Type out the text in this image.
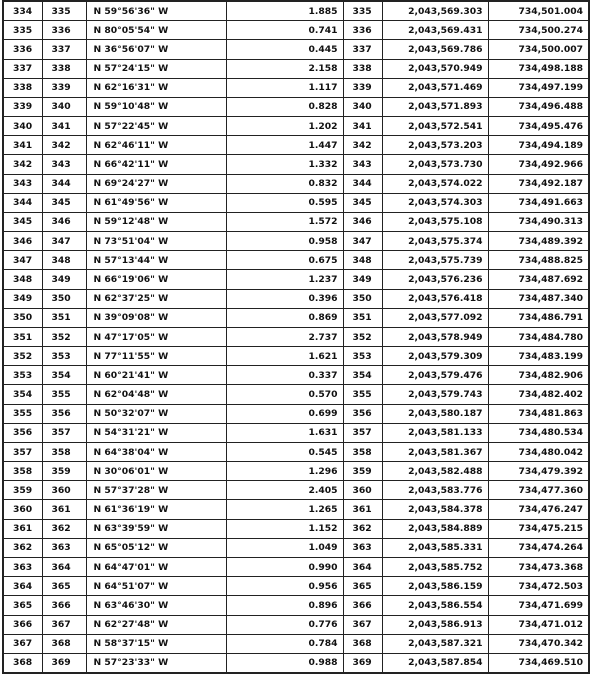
334	335	N 59°56'36" W	1.885	335	2,043,569.303	734,501.004
335	336	N 80°05'54" W	0.741	336	2,043,569.431	734,500.274
336	337	N 36°56'07" W	0.445	337	2,043,569.786	734,500.007
337	338	N 57°24'15" W	2.158	338	2,043,570.949	734,498.188
338	339	N 62°16'31" W	1.117	339	2,043,571.469	734,497.199
339	340	N 59°10'48" W	0.828	340	2,043,571.893	734,496.488
340	341	N 57°22'45" W	1.202	341	2,043,572.541	734,495.476
341	342	N 62°46'11" W	1.447	342	2,043,573.203	734,494.189
342	343	N 66°42'11" W	1.332	343	2,043,573.730	734,492.966
343	344	N 69°24'27" W	0.832	344	2,043,574.022	734,492.187
344	345	N 61°49'56" W	0.595	345	2,043,574.303	734,491.663
345	346	N 59°12'48" W	1.572	346	2,043,575.108	734,490.313
346	347	N 73°51'04" W	0.958	347	2,043,575.374	734,489.392
347	348	N 57°13'44" W	0.675	348	2,043,575.739	734,488.825
348	349	N 66°19'06" W	1.237	349	2,043,576.236	734,487.692
349	350	N 62°37'25" W	0.396	350	2,043,576.418	734,487.340
350	351	N 39°09'08" W	0.869	351	2,043,577.092	734,486.791
351	352	N 47°17'05" W	2.737	352	2,043,578.949	734,484.780
352	353	N 77°11'55" W	1.621	353	2,043,579.309	734,483.199
353	354	N 60°21'41" W	0.337	354	2,043,579.476	734,482.906
354	355	N 62°04'48" W	0.570	355	2,043,579.743	734,482.402
355	356	N 50°32'07" W	0.699	356	2,043,580.187	734,481.863
356	357	N 54°31'21" W	1.631	357	2,043,581.133	734,480.534
357	358	N 64°38'04" W	0.545	358	2,043,581.367	734,480.042
358	359	N 30°06'01" W	1.296	359	2,043,582.488	734,479.392
359	360	N 57°37'28" W	2.405	360	2,043,583.776	734,477.360
360	361	N 61°36'19" W	1.265	361	2,043,584.378	734,476.247
361	362	N 63°39'59" W	1.152	362	2,043,584.889	734,475.215
362	363	N 65°05'12" W	1.049	363	2,043,585.331	734,474.264
363	364	N 64°47'01" W	0.990	364	2,043,585.752	734,473.368
364	365	N 64°51'07" W	0.956	365	2,043,586.159	734,472.503
365	366	N 63°46'30" W	0.896	366	2,043,586.554	734,471.699
366	367	N 62°27'48" W	0.776	367	2,043,586.913	734,471.012
367	368	N 58°37'15" W	0.784	368	2,043,587.321	734,470.342
368	369	N 57°23'33" W	0.988	369	2,043,587.854	734,469.510
